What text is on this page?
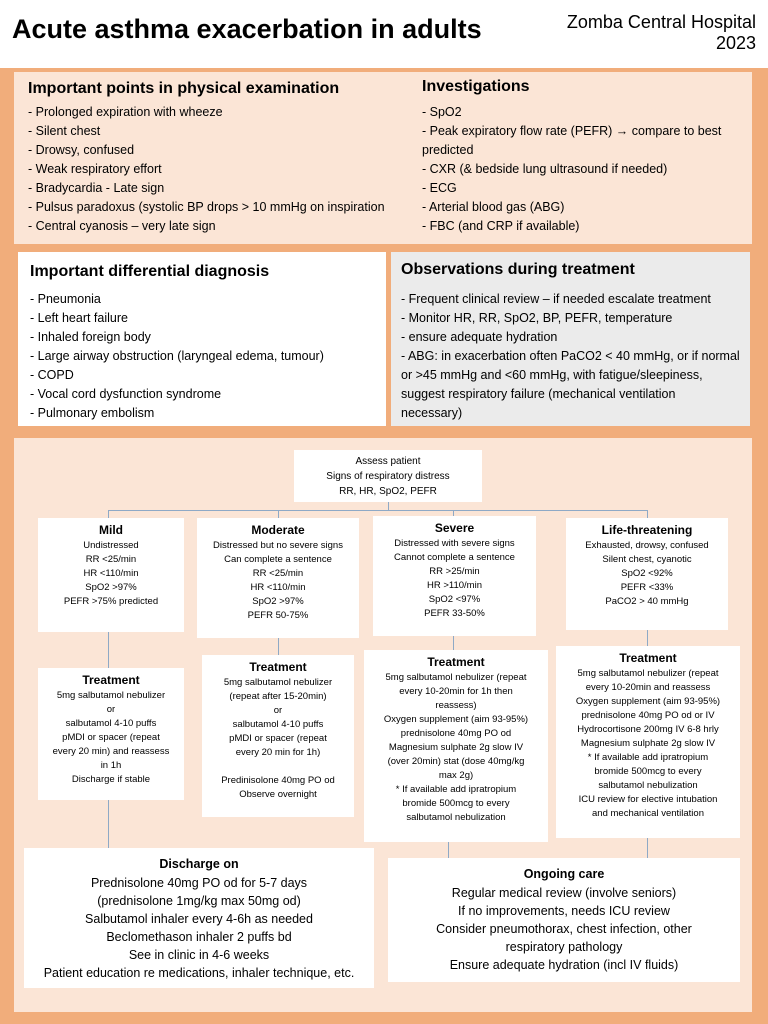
Acute asthma exacerbation in adults	Zomba Central Hospital
2023
Important points in physical examination
- Prolonged expiration with wheeze
- Silent chest
- Drowsy, confused
- Weak respiratory effort
- Bradycardia - Late sign
- Pulsus paradoxus (systolic BP drops > 10 mmHg on inspiration
- Central cyanosis – very late sign
Investigations
- SpO2
- Peak expiratory flow rate (PEFR) → compare to best predicted
- CXR (& bedside lung ultrasound if needed)
- ECG
- Arterial blood gas (ABG)
- FBC (and CRP if available)
Important differential diagnosis
- Pneumonia
- Left heart failure
- Inhaled foreign body
- Large airway obstruction (laryngeal edema, tumour)
- COPD
- Vocal cord dysfunction syndrome
- Pulmonary embolism
Observations during treatment
- Frequent clinical review – if needed escalate treatment
- Monitor HR, RR, SpO2, BP, PEFR, temperature
- ensure adequate hydration
- ABG: in exacerbation often PaCO2 < 40 mmHg, or if normal or >45 mmHg and <60 mmHg, with fatigue/sleepiness, suggest respiratory failure (mechanical ventilation necessary)
Assess patient
Signs of respiratory distress
RR, HR, SpO2, PEFR
Mild
Undistressed
RR <25/min
HR <110/min
SpO2 >97%
PEFR >75% predicted
Moderate
Distressed but no severe signs
Can complete a sentence
RR <25/min
HR <110/min
SpO2 >97%
PEFR 50-75%
Severe
Distressed with severe signs
Cannot complete a sentence
RR >25/min
HR >110/min
SpO2 <97%
PEFR 33-50%
Life-threatening
Exhausted, drowsy, confused
Silent chest, cyanotic
SpO2 <92%
PEFR <33%
PaCO2 > 40 mmHg
Treatment
5mg salbutamol nebulizer
or
salbutamol 4-10 puffs
pMDI or spacer (repeat
every 20 min) and reassess
in 1h
Discharge if stable
Treatment
5mg salbutamol nebulizer
(repeat after 15-20min)
or
salbutamol 4-10 puffs
pMDI or spacer (repeat
every 20 min for 1h)
Predinisolone 40mg PO od
Observe overnight
Treatment
5mg salbutamol nebulizer (repeat
every 10-20min for 1h then
reassess)
Oxygen supplement (aim 93-95%)
prednisolone 40mg PO od
Magnesium sulphate 2g slow IV
(over 20min) stat (dose 40mg/kg
max 2g)
* If available add ipratropium
bromide 500mcg to every
salbutamol nebulization
Treatment
5mg salbutamol nebulizer (repeat
every 10-20min and reassess
Oxygen supplement (aim 93-95%)
prednisolone 40mg PO od or IV
Hydrocortisone 200mg IV 6-8 hrly
Magnesium sulphate 2g slow IV
* If available add ipratropium
bromide 500mcg to every
salbutamol nebulization
ICU review for elective intubation
and mechanical ventilation
Discharge on
Prednisolone 40mg PO od for 5-7 days
(prednisolone 1mg/kg max 50mg od)
Salbutamol inhaler every 4-6h as needed
Beclomethason inhaler 2 puffs bd
See in clinic in 4-6 weeks
Patient education re medications, inhaler technique, etc.
Ongoing care
Regular medical review (involve seniors)
If no improvements, needs ICU review
Consider pneumothorax, chest infection, other
respiratory pathology
Ensure adequate hydration (incl IV fluids)
